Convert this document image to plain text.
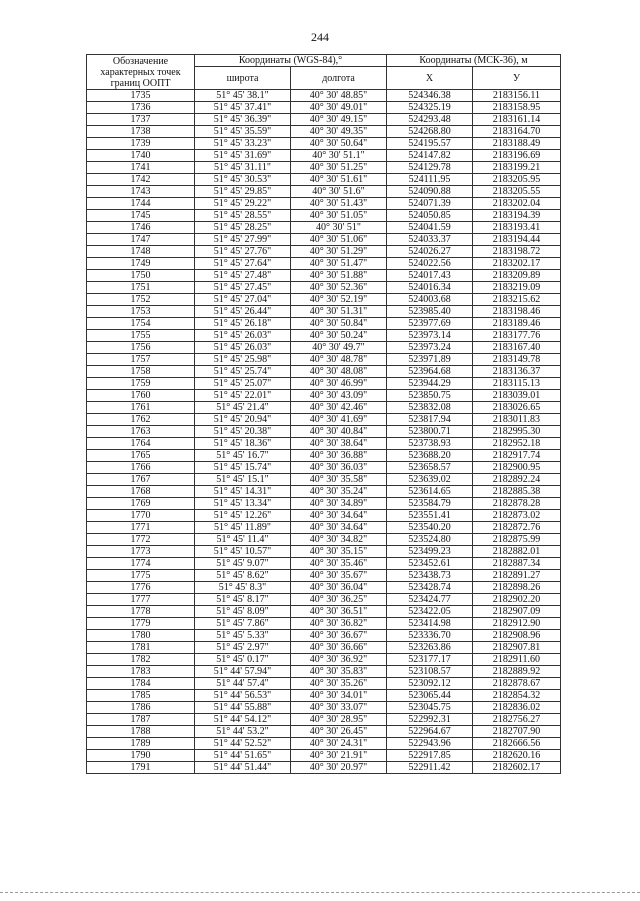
244
Обозначение характерных точек границ ООПТ	Координаты (WGS-84),°		Координаты (МСК-36), м	
	широта	долгота	X	У
1735	51° 45' 38.1"	40° 30' 48.85"	524346.38	2183156.11
1736	51° 45' 37.41"	40° 30' 49.01"	524325.19	2183158.95
1737	51° 45' 36.39"	40° 30' 49.15"	524293.48	2183161.14
1738	51° 45' 35.59"	40° 30' 49.35"	524268.80	2183164.70
1739	51° 45' 33.23"	40° 30' 50.64"	524195.57	2183188.49
1740	51° 45' 31.69"	40° 30' 51.1"	524147.82	2183196.69
1741	51° 45' 31.11"	40° 30' 51.25"	524129.78	2183199.21
1742	51° 45' 30.53"	40° 30' 51.61"	524111.95	2183205.95
1743	51° 45' 29.85"	40° 30' 51.6"	524090.88	2183205.55
1744	51° 45' 29.22"	40° 30' 51.43"	524071.39	2183202.04
1745	51° 45' 28.55"	40° 30' 51.05"	524050.85	2183194.39
1746	51° 45' 28.25"	40° 30' 51"	524041.59	2183193.41
1747	51° 45' 27.99"	40° 30' 51.06"	524033.37	2183194.44
1748	51° 45' 27.76"	40° 30' 51.29"	524026.27	2183198.72
1749	51° 45' 27.64"	40° 30' 51.47"	524022.56	2183202.17
1750	51° 45' 27.48"	40° 30' 51.88"	524017.43	2183209.89
1751	51° 45' 27.45"	40° 30' 52.36"	524016.34	2183219.09
1752	51° 45' 27.04"	40° 30' 52.19"	524003.68	2183215.62
1753	51° 45' 26.44"	40° 30' 51.31"	523985.40	2183198.46
1754	51° 45' 26.18"	40° 30' 50.84"	523977.69	2183189.46
1755	51° 45' 26.03"	40° 30' 50.24"	523973.14	2183177.76
1756	51° 45' 26.03"	40° 30' 49.7"	523973.24	2183167.40
1757	51° 45' 25.98"	40° 30' 48.78"	523971.89	2183149.78
1758	51° 45' 25.74"	40° 30' 48.08"	523964.68	2183136.37
1759	51° 45' 25.07"	40° 30' 46.99"	523944.29	2183115.13
1760	51° 45' 22.01"	40° 30' 43.09"	523850.75	2183039.01
1761	51° 45' 21.4"	40° 30' 42.46"	523832.08	2183026.65
1762	51° 45' 20.94"	40° 30' 41.69"	523817.94	2183011.83
1763	51° 45' 20.38"	40° 30' 40.84"	523800.71	2182995.30
1764	51° 45' 18.36"	40° 30' 38.64"	523738.93	2182952.18
1765	51° 45' 16.7"	40° 30' 36.88"	523688.20	2182917.74
1766	51° 45' 15.74"	40° 30' 36.03"	523658.57	2182900.95
1767	51° 45' 15.1"	40° 30' 35.58"	523639.02	2182892.24
1768	51° 45' 14.31"	40° 30' 35.24"	523614.65	2182885.38
1769	51° 45' 13.34"	40° 30' 34.89"	523584.79	2182878.28
1770	51° 45' 12.26"	40° 30' 34.64"	523551.41	2182873.02
1771	51° 45' 11.89"	40° 30' 34.64"	523540.20	2182872.76
1772	51° 45' 11.4"	40° 30' 34.82"	523524.80	2182875.99
1773	51° 45' 10.57"	40° 30' 35.15"	523499.23	2182882.01
1774	51° 45' 9.07"	40° 30' 35.46"	523452.61	2182887.34
1775	51° 45' 8.62"	40° 30' 35.67"	523438.73	2182891.27
1776	51° 45' 8.3"	40° 30' 36.04"	523428.74	2182898.26
1777	51° 45' 8.17"	40° 30' 36.25"	523424.77	2182902.20
1778	51° 45' 8.09"	40° 30' 36.51"	523422.05	2182907.09
1779	51° 45' 7.86"	40° 30' 36.82"	523414.98	2182912.90
1780	51° 45' 5.33"	40° 30' 36.67"	523336.70	2182908.96
1781	51° 45' 2.97"	40° 30' 36.66"	523263.86	2182907.81
1782	51° 45' 0.17"	40° 30' 36.92"	523177.17	2182911.60
1783	51° 44' 57.94"	40° 30' 35.83"	523108.57	2182889.92
1784	51° 44' 57.4"	40° 30' 35.26"	523092.12	2182878.67
1785	51° 44' 56.53"	40° 30' 34.01"	523065.44	2182854.32
1786	51° 44' 55.88"	40° 30' 33.07"	523045.75	2182836.02
1787	51° 44' 54.12"	40° 30' 28.95"	522992.31	2182756.27
1788	51° 44' 53.2"	40° 30' 26.45"	522964.67	2182707.90
1789	51° 44' 52.52"	40° 30' 24.31"	522943.96	2182666.56
1790	51° 44' 51.65"	40° 30' 21.91"	522917.85	2182620.16
1791	51° 44' 51.44"	40° 30' 20.97"	522911.42	2182602.17
